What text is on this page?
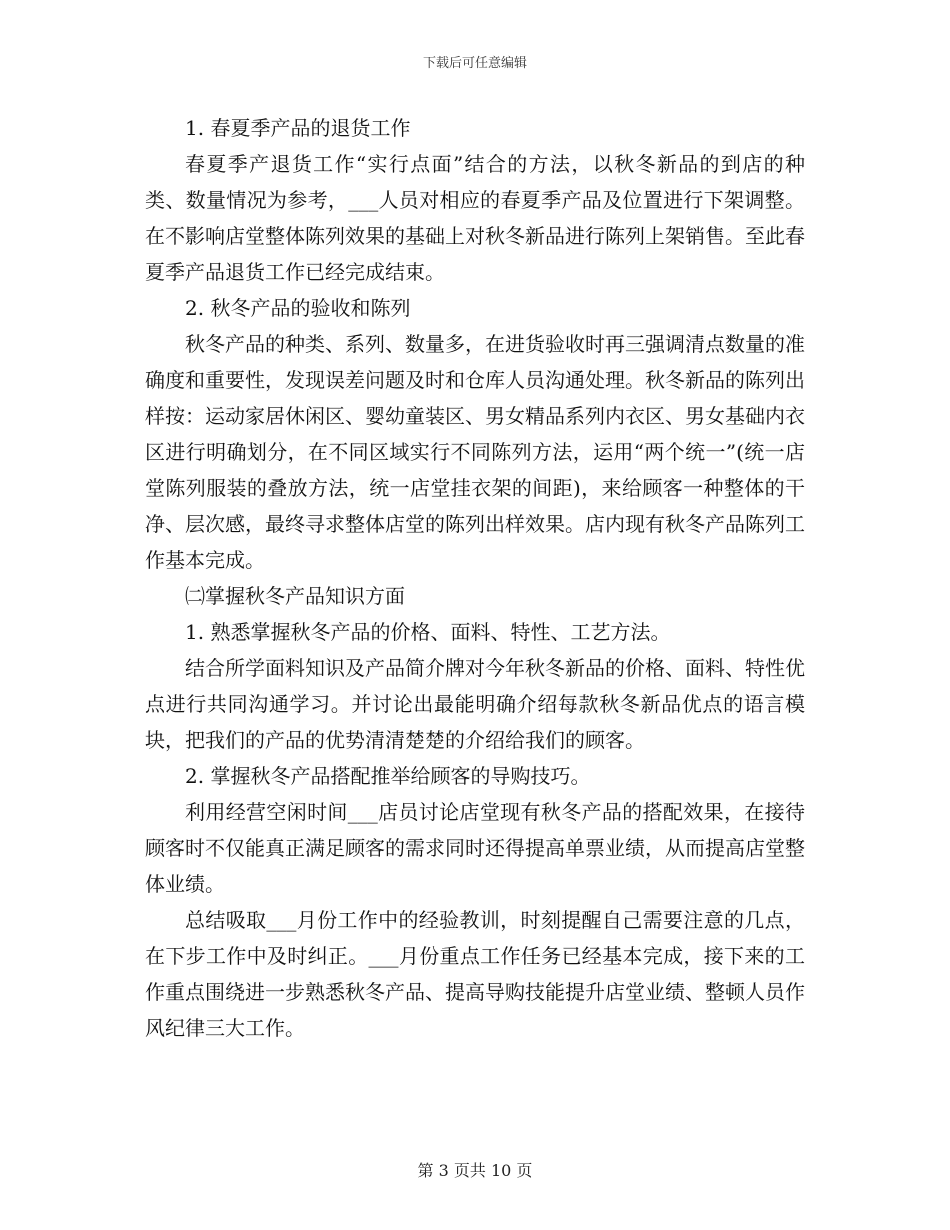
下载后可任意编辑

1. 春夏季产品的退货工作

春夏季产退货工作“实行点面”结合的方法，以秋冬新品的到店的种类、数量情况为参考，___人员对相应的春夏季产品及位置进行下架调整。在不影响店堂整体陈列效果的基础上对秋冬新品进行陈列上架销售。至此春夏季产品退货工作已经完成结束。

2. 秋冬产品的验收和陈列

秋冬产品的种类、系列、数量多，在进货验收时再三强调清点数量的准确度和重要性，发现误差问题及时和仓库人员沟通处理。秋冬新品的陈列出样按：运动家居休闲区、婴幼童装区、男女精品系列内衣区、男女基础内衣区进行明确划分，在不同区域实行不同陈列方法，运用“两个统一”(统一店堂陈列服装的叠放方法，统一店堂挂衣架的间距)，来给顾客一种整体的干净、层次感，最终寻求整体店堂的陈列出样效果。店内现有秋冬产品陈列工作基本完成。

㈡掌握秋冬产品知识方面

1. 熟悉掌握秋冬产品的价格、面料、特性、工艺方法。

结合所学面料知识及产品简介牌对今年秋冬新品的价格、面料、特性优点进行共同沟通学习。并讨论出最能明确介绍每款秋冬新品优点的语言模块，把我们的产品的优势清清楚楚的介绍给我们的顾客。

2. 掌握秋冬产品搭配推举给顾客的导购技巧。

利用经营空闲时间___店员讨论店堂现有秋冬产品的搭配效果，在接待顾客时不仅能真正满足顾客的需求同时还得提高单票业绩，从而提高店堂整体业绩。

总结吸取___月份工作中的经验教训，时刻提醒自己需要注意的几点，在下步工作中及时纠正。___月份重点工作任务已经基本完成，接下来的工作重点围绕进一步熟悉秋冬产品、提高导购技能提升店堂业绩、整顿人员作风纪律三大工作。

第 3 页共 10 页
